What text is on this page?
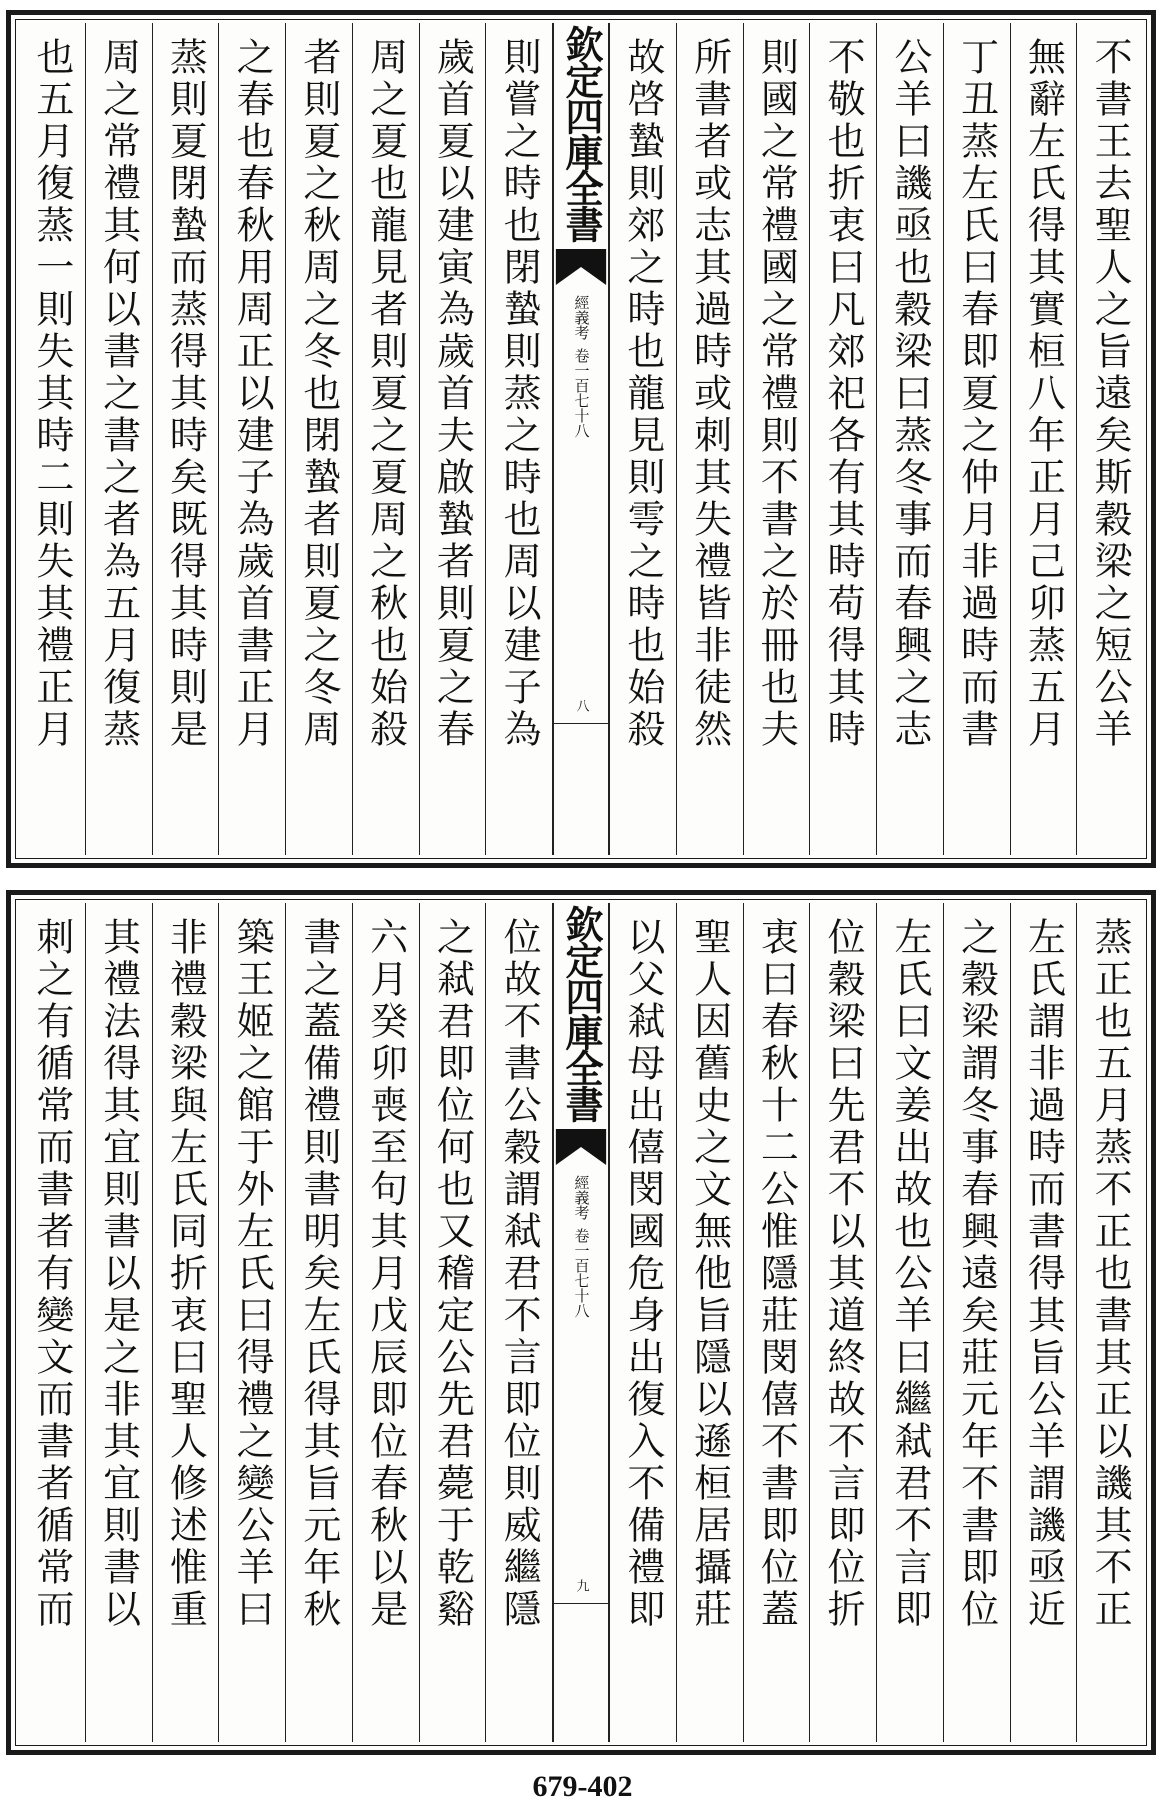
不書王去聖人之旨遠矣斯穀梁之短公羊
無辭左氏得其實桓八年正月己卯蒸五月
丁丑蒸左氏曰春即夏之仲月非過時而書
公羊曰譏亟也穀梁曰蒸冬事而春興之志
不敬也折衷曰凡郊祀各有其時苟得其時
則國之常禮國之常禮則不書之於冊也夫
所書者或志其過時或刺其失禮皆非徒然
故啓蟄則郊之時也龍見則雩之時也始殺
欽定四庫全書
經義考
卷一百七十八
八
則嘗之時也閉蟄則蒸之時也周以建子為
歲首夏以建寅為歲首夫啟蟄者則夏之春
周之夏也龍見者則夏之夏周之秋也始殺
者則夏之秋周之冬也閉蟄者則夏之冬周
之春也春秋用周正以建子為歲首書正月
蒸則夏閉蟄而蒸得其時矣既得其時則是
周之常禮其何以書之書之者為五月復蒸
也五月復蒸一則失其時二則失其禮正月
蒸正也五月蒸不正也書其正以譏其不正
左氏謂非過時而書得其旨公羊謂譏亟近
之穀梁謂冬事春興遠矣莊元年不書即位
左氏曰文姜出故也公羊曰繼弒君不言即
位穀梁曰先君不以其道終故不言即位折
衷曰春秋十二公惟隱莊閔僖不書即位蓋
聖人因舊史之文無他旨隱以遜桓居攝莊
以父弒母出僖閔國危身出復入不備禮即
欽定四庫全書
經義考
卷一百七十八
九
位故不書公穀謂弒君不言即位則威繼隱
之弒君即位何也又稽定公先君薨于乾谿
六月癸卯喪至句其月戊辰即位春秋以是
書之蓋備禮則書明矣左氏得其旨元年秋
築王姬之館于外左氏曰得禮之變公羊曰
非禮穀梁與左氏同折衷曰聖人修述惟重
其禮法得其宜則書以是之非其宜則書以
刺之有循常而書者有變文而書者循常而
679-402
